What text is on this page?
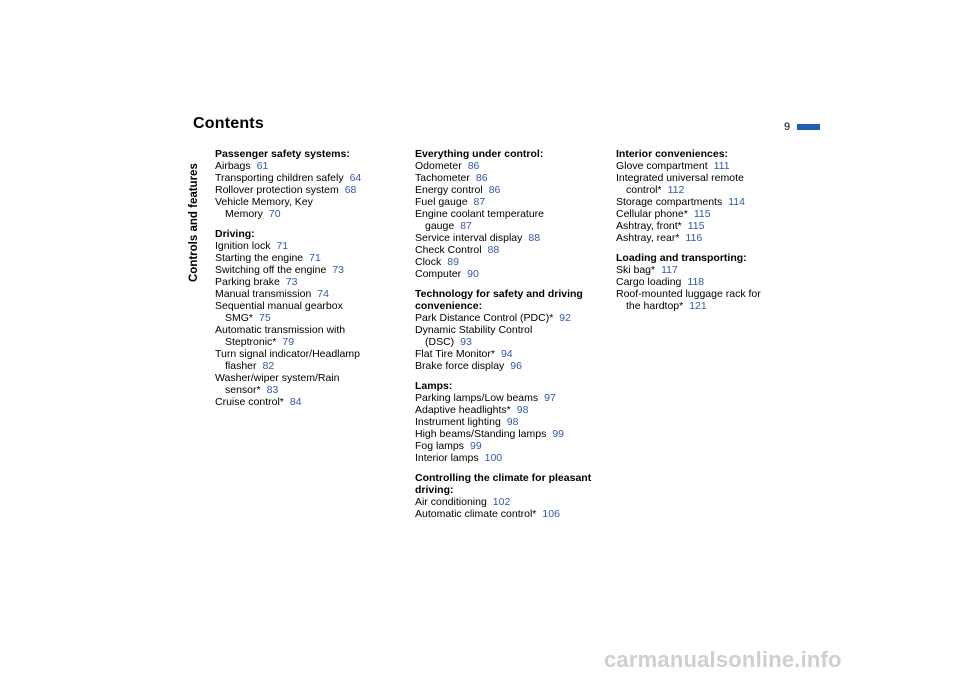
Contents	9
Controls and features
Passenger safety systems:
Airbags 61
Transporting children safely 64
Rollover protection system 68
Vehicle Memory, Key
Memory 70
Driving:
Ignition lock 71
Starting the engine 71
Switching off the engine 73
Parking brake 73
Manual transmission 74
Sequential manual gearbox
SMG* 75
Automatic transmission with
Steptronic* 79
Turn signal indicator/Headlamp
flasher 82
Washer/wiper system/Rain
sensor* 83
Cruise control* 84
Everything under control:
Odometer 86
Tachometer 86
Energy control 86
Fuel gauge 87
Engine coolant temperature
gauge 87
Service interval display 88
Check Control 88
Clock 89
Computer 90
Technology for safety and driving convenience:
Park Distance Control (PDC)* 92
Dynamic Stability Control
(DSC) 93
Flat Tire Monitor* 94
Brake force display 96
Lamps:
Parking lamps/Low beams 97
Adaptive headlights* 98
Instrument lighting 98
High beams/Standing lamps 99
Fog lamps 99
Interior lamps 100
Controlling the climate for pleasant driving:
Air conditioning 102
Automatic climate control* 106
Interior conveniences:
Glove compartment 111
Integrated universal remote
control* 112
Storage compartments 114
Cellular phone* 115
Ashtray, front* 115
Ashtray, rear* 116
Loading and transporting:
Ski bag* 117
Cargo loading 118
Roof-mounted luggage rack for
the hardtop* 121
carmanualsonline.info
